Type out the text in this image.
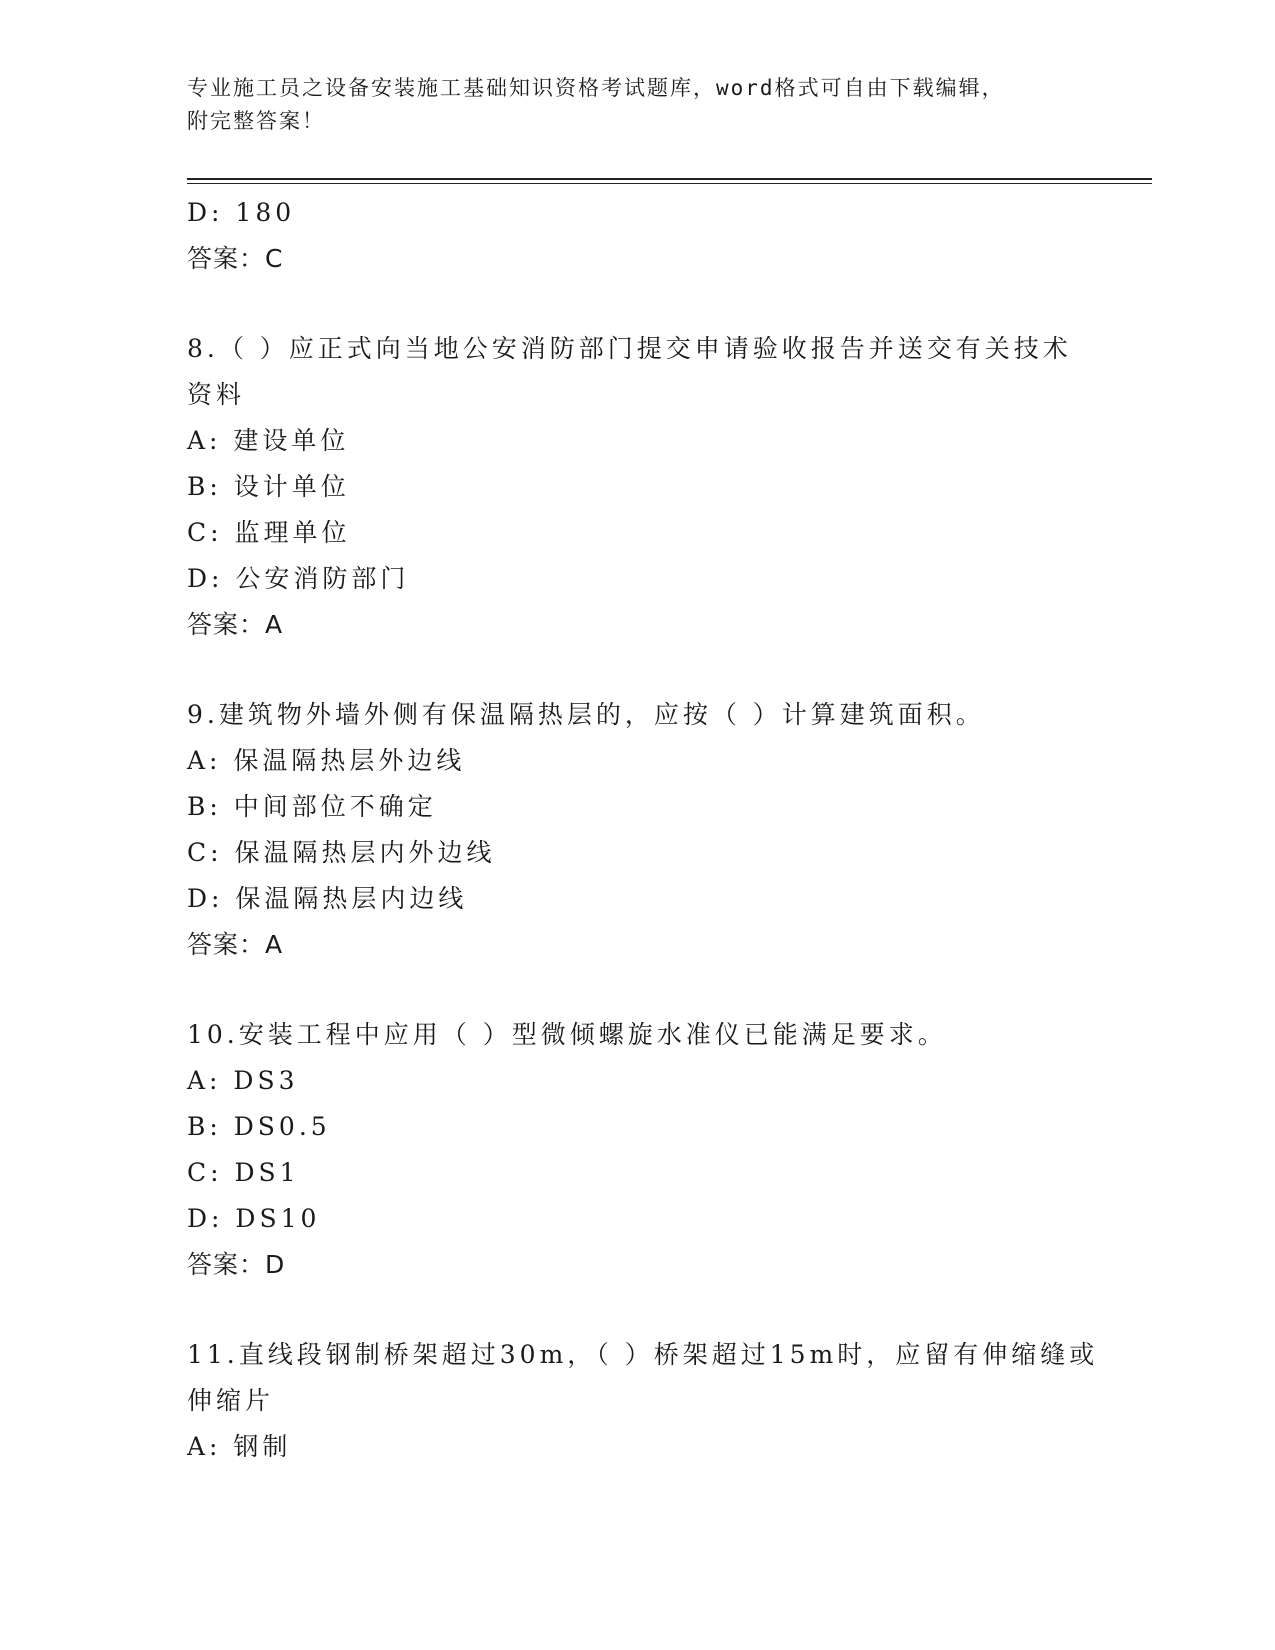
专业施工员之设备安装施工基础知识资格考试题库，word格式可自由下载编辑，
附完整答案！
D: 180
答案：C
8.（ ）应正式向当地公安消防部门提交申请验收报告并送交有关技术
资料
A: 建设单位
B: 设计单位
C: 监理单位
D: 公安消防部门
答案：A
9.建筑物外墙外侧有保温隔热层的，应按（ ）计算建筑面积。
A: 保温隔热层外边线
B: 中间部位不确定
C: 保温隔热层内外边线
D: 保温隔热层内边线
答案：A
10.安装工程中应用（ ）型微倾螺旋水准仪已能满足要求。
A: DS3
B: DS0.5
C: DS1
D: DS10
答案：D
11.直线段钢制桥架超过30m，（ ）桥架超过15m时，应留有伸缩缝或
伸缩片
A: 钢制
